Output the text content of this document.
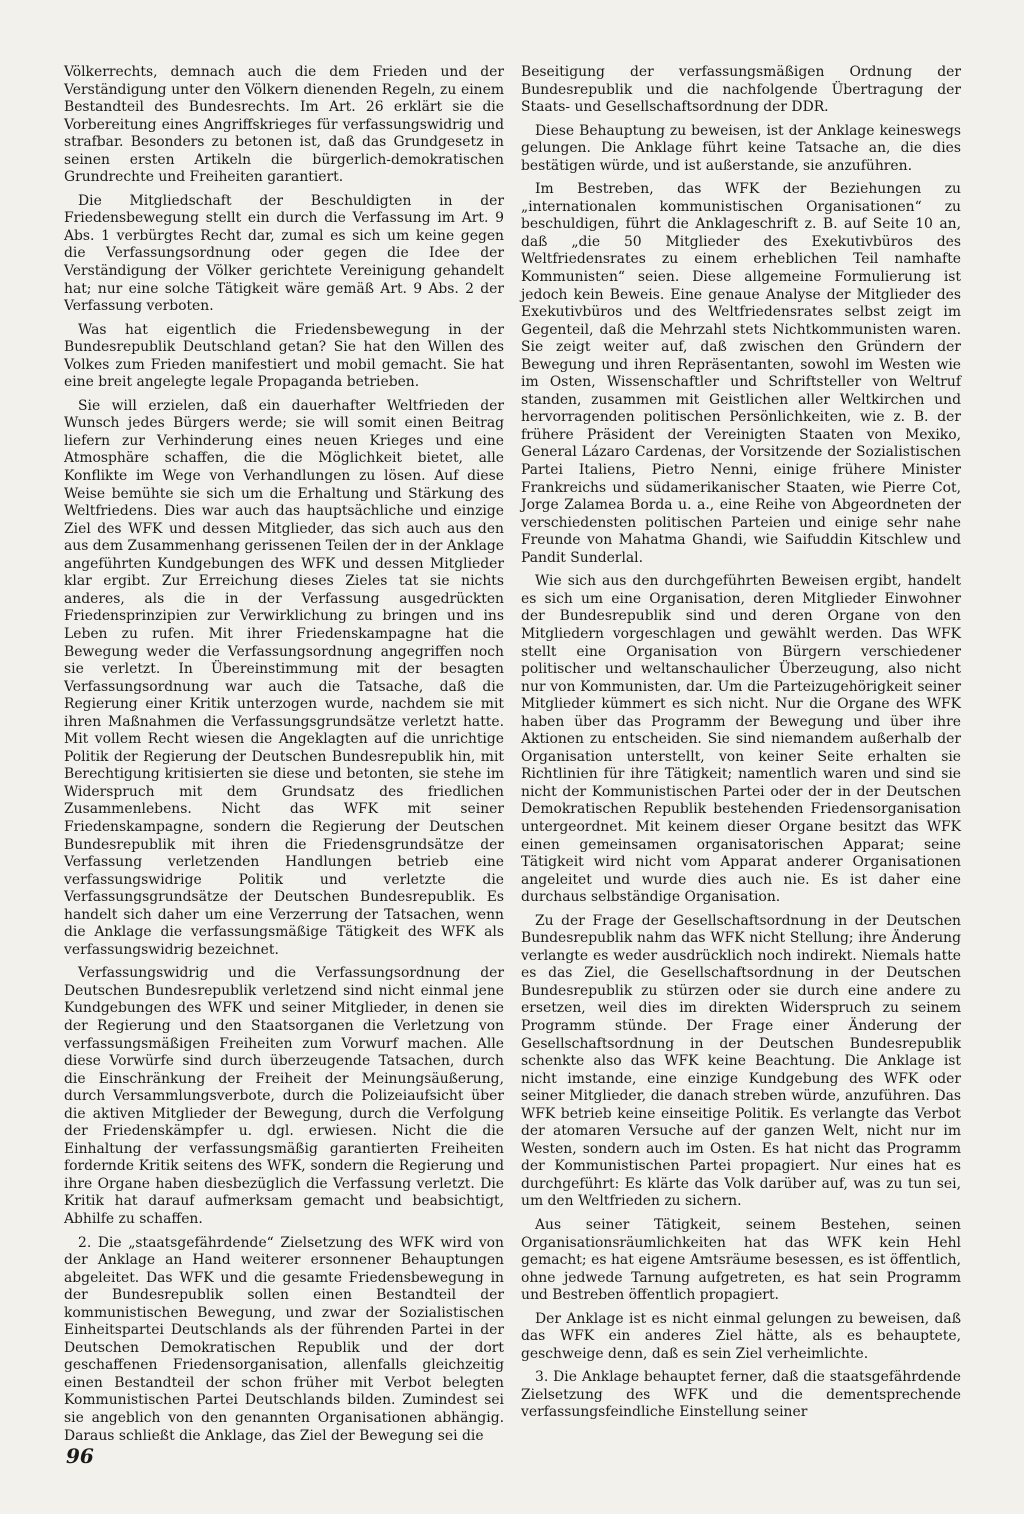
Völkerrechts, demnach auch die dem Frieden und der Verständigung unter den Völkern dienenden Regeln, zu einem Bestandteil des Bundesrechts. Im Art. 26 erklärt sie die Vorbereitung eines Angriffskrieges für verfassungswidrig und strafbar. Besonders zu betonen ist, daß das Grundgesetz in seinen ersten Artikeln die bürgerlich-demokratischen Grundrechte und Freiheiten garantiert.

Die Mitgliedschaft der Beschuldigten in der Friedensbewegung stellt ein durch die Verfassung im Art. 9 Abs. 1 verbürgtes Recht dar, zumal es sich um keine gegen die Verfassungsordnung oder gegen die Idee der Verständigung der Völker gerichtete Vereinigung gehandelt hat; nur eine solche Tätigkeit wäre gemäß Art. 9 Abs. 2 der Verfassung verboten.

Was hat eigentlich die Friedensbewegung in der Bundesrepublik Deutschland getan? Sie hat den Willen des Volkes zum Frieden manifestiert und mobil gemacht. Sie hat eine breit angelegte legale Propaganda betrieben.

Sie will erzielen, daß ein dauerhafter Weltfrieden der Wunsch jedes Bürgers werde; sie will somit einen Beitrag liefern zur Verhinderung eines neuen Krieges und eine Atmosphäre schaffen, die die Möglichkeit bietet, alle Konflikte im Wege von Verhandlungen zu lösen. Auf diese Weise bemühte sie sich um die Erhaltung und Stärkung des Weltfriedens. Dies war auch das hauptsächliche und einzige Ziel des WFK und dessen Mitglieder, das sich auch aus den aus dem Zusammenhang gerissenen Teilen der in der Anklage angeführten Kundgebungen des WFK und dessen Mitglieder klar ergibt. Zur Erreichung dieses Zieles tat sie nichts anderes, als die in der Verfassung ausgedrückten Friedensprinzipien zur Verwirklichung zu bringen und ins Leben zu rufen. Mit ihrer Friedenskampagne hat die Bewegung weder die Verfassungsordnung angegriffen noch sie verletzt. In Übereinstimmung mit der besagten Verfassungsordnung war auch die Tatsache, daß die Regierung einer Kritik unterzogen wurde, nachdem sie mit ihren Maßnahmen die Verfassungsgrundsätze verletzt hatte. Mit vollem Recht wiesen die Angeklagten auf die unrichtige Politik der Regierung der Deutschen Bundesrepublik hin, mit Berechtigung kritisierten sie diese und betonten, sie stehe im Widerspruch mit dem Grundsatz des friedlichen Zusammenlebens. Nicht das WFK mit seiner Friedenskampagne, sondern die Regierung der Deutschen Bundesrepublik mit ihren die Friedensgrundsätze der Verfassung verletzenden Handlungen betrieb eine verfassungswidrige Politik und verletzte die Verfassungsgrundsätze der Deutschen Bundesrepublik. Es handelt sich daher um eine Verzerrung der Tatsachen, wenn die Anklage die verfassungsmäßige Tätigkeit des WFK als verfassungswidrig bezeichnet.

Verfassungswidrig und die Verfassungsordnung der Deutschen Bundesrepublik verletzend sind nicht einmal jene Kundgebungen des WFK und seiner Mitglieder, in denen sie der Regierung und den Staatsorganen die Verletzung von verfassungsmäßigen Freiheiten zum Vorwurf machen. Alle diese Vorwürfe sind durch überzeugende Tatsachen, durch die Einschränkung der Freiheit der Meinungsäußerung, durch Versammlungsverbote, durch die Polizeiaufsicht über die aktiven Mitglieder der Bewegung, durch die Verfolgung der Friedenskämpfer u. dgl. erwiesen. Nicht die die Einhaltung der verfassungsmäßig garantierten Freiheiten fordernde Kritik seitens des WFK, sondern die Regierung und ihre Organe haben diesbezüglich die Verfassung verletzt. Die Kritik hat darauf aufmerksam gemacht und beabsichtigt, Abhilfe zu schaffen.

2. Die „staatsgefährdende“ Zielsetzung des WFK wird von der Anklage an Hand weiterer ersonnener Behauptungen abgeleitet. Das WFK und die gesamte Friedensbewegung in der Bundesrepublik sollen einen Bestandteil der kommunistischen Bewegung, und zwar der Sozialistischen Einheitspartei Deutschlands als der führenden Partei in der Deutschen Demokratischen Republik und der dort geschaffenen Friedensorganisation, allenfalls gleichzeitig einen Bestandteil der schon früher mit Verbot belegten Kommunistischen Partei Deutschlands bilden. Zumindest sei sie angeblich von den genannten Organisationen abhängig. Daraus schließt die Anklage, das Ziel der Bewegung sei die

Beseitigung der verfassungsmäßigen Ordnung der Bundesrepublik und die nachfolgende Übertragung der Staats- und Gesellschaftsordnung der DDR.

Diese Behauptung zu beweisen, ist der Anklage keineswegs gelungen. Die Anklage führt keine Tatsache an, die dies bestätigen würde, und ist außerstande, sie anzuführen.

Im Bestreben, das WFK der Beziehungen zu „internationalen kommunistischen Organisationen“ zu beschuldigen, führt die Anklageschrift z. B. auf Seite 10 an, daß „die 50 Mitglieder des Exekutivbüros des Weltfriedensrates zu einem erheblichen Teil namhafte Kommunisten“ seien. Diese allgemeine Formulierung ist jedoch kein Beweis. Eine genaue Analyse der Mitglieder des Exekutivbüros und des Weltfriedensrates selbst zeigt im Gegenteil, daß die Mehrzahl stets Nichtkommunisten waren. Sie zeigt weiter auf, daß zwischen den Gründern der Bewegung und ihren Repräsentanten, sowohl im Westen wie im Osten, Wissenschaftler und Schriftsteller von Weltruf standen, zusammen mit Geistlichen aller Weltkirchen und hervorragenden politischen Persönlichkeiten, wie z. B. der frühere Präsident der Vereinigten Staaten von Mexiko, General Lázaro Cardenas, der Vorsitzende der Sozialistischen Partei Italiens, Pietro Nenni, einige frühere Minister Frankreichs und südamerikanischer Staaten, wie Pierre Cot, Jorge Zalamea Borda u. a., eine Reihe von Abgeordneten der verschiedensten politischen Parteien und einige sehr nahe Freunde von Mahatma Ghandi, wie Saifuddin Kitschlew und Pandit Sunderlal.

Wie sich aus den durchgeführten Beweisen ergibt, handelt es sich um eine Organisation, deren Mitglieder Einwohner der Bundesrepublik sind und deren Organe von den Mitgliedern vorgeschlagen und gewählt werden. Das WFK stellt eine Organisation von Bürgern verschiedener politischer und weltanschaulicher Überzeugung, also nicht nur von Kommunisten, dar. Um die Parteizugehörigkeit seiner Mitglieder kümmert es sich nicht. Nur die Organe des WFK haben über das Programm der Bewegung und über ihre Aktionen zu entscheiden. Sie sind niemandem außerhalb der Organisation unterstellt, von keiner Seite erhalten sie Richtlinien für ihre Tätigkeit; namentlich waren und sind sie nicht der Kommunistischen Partei oder der in der Deutschen Demokratischen Republik bestehenden Friedensorganisation untergeordnet. Mit keinem dieser Organe besitzt das WFK einen gemeinsamen organisatorischen Apparat; seine Tätigkeit wird nicht vom Apparat anderer Organisationen angeleitet und wurde dies auch nie. Es ist daher eine durchaus selbständige Organisation.

Zu der Frage der Gesellschaftsordnung in der Deutschen Bundesrepublik nahm das WFK nicht Stellung; ihre Änderung verlangte es weder ausdrücklich noch indirekt. Niemals hatte es das Ziel, die Gesellschaftsordnung in der Deutschen Bundesrepublik zu stürzen oder sie durch eine andere zu ersetzen, weil dies im direkten Widerspruch zu seinem Programm stünde. Der Frage einer Änderung der Gesellschaftsordnung in der Deutschen Bundesrepublik schenkte also das WFK keine Beachtung. Die Anklage ist nicht imstande, eine einzige Kundgebung des WFK oder seiner Mitglieder, die danach streben würde, anzuführen. Das WFK betrieb keine einseitige Politik. Es verlangte das Verbot der atomaren Versuche auf der ganzen Welt, nicht nur im Westen, sondern auch im Osten. Es hat nicht das Programm der Kommunistischen Partei propagiert. Nur eines hat es durchgeführt: Es klärte das Volk darüber auf, was zu tun sei, um den Weltfrieden zu sichern.

Aus seiner Tätigkeit, seinem Bestehen, seinen Organisationsräumlichkeiten hat das WFK kein Hehl gemacht; es hat eigene Amtsräume besessen, es ist öffentlich, ohne jedwede Tarnung aufgetreten, es hat sein Programm und Bestreben öffentlich propagiert.

Der Anklage ist es nicht einmal gelungen zu beweisen, daß das WFK ein anderes Ziel hätte, als es behauptete, geschweige denn, daß es sein Ziel verheimlichte.

3. Die Anklage behauptet ferner, daß die staatsgefährdende Zielsetzung des WFK und die dementsprechende verfassungsfeindliche Einstellung seiner

96
